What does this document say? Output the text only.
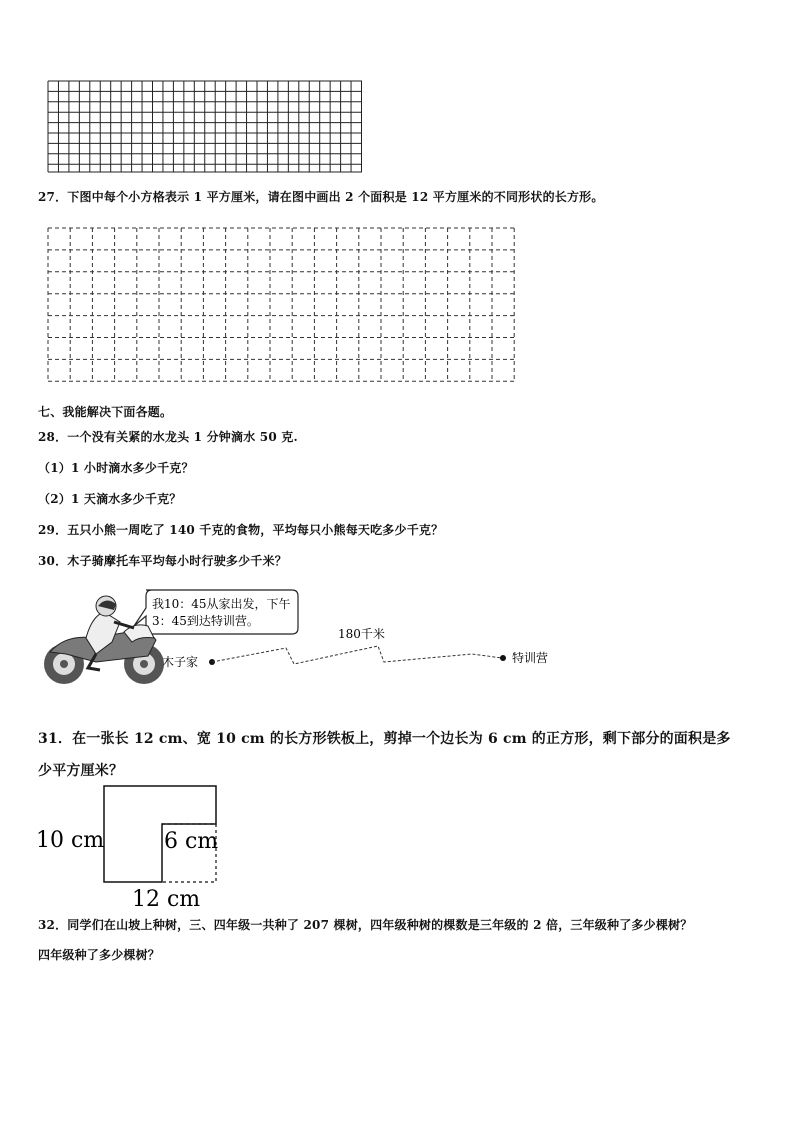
27．下图中每个小方格表示 1 平方厘米，请在图中画出 2 个面积是 12 平方厘米的不同形状的长方形。
七、我能解决下面各题。
28．一个没有关紧的水龙头 1 分钟滴水 50 克.
（1）1 小时滴水多少千克？
（2）1 天滴水多少千克？
29．五只小熊一周吃了 140 千克的食物，平均每只小熊每天吃多少千克？
30．木子骑摩托车平均每小时行驶多少千米？
我10：45从家出发，下午
3：45到达特训营。
180千米
木子家	特训营
31．在一张长 12 cm、宽 10 cm 的长方形铁板上，剪掉一个边长为 6 cm 的正方形，剩下部分的面积是多
少平方厘米？
10 cm	6 cm
12 cm
32．同学们在山坡上种树，三、四年级一共种了 207 棵树，四年级种树的棵数是三年级的 2 倍，三年级种了多少棵树？
四年级种了多少棵树？
